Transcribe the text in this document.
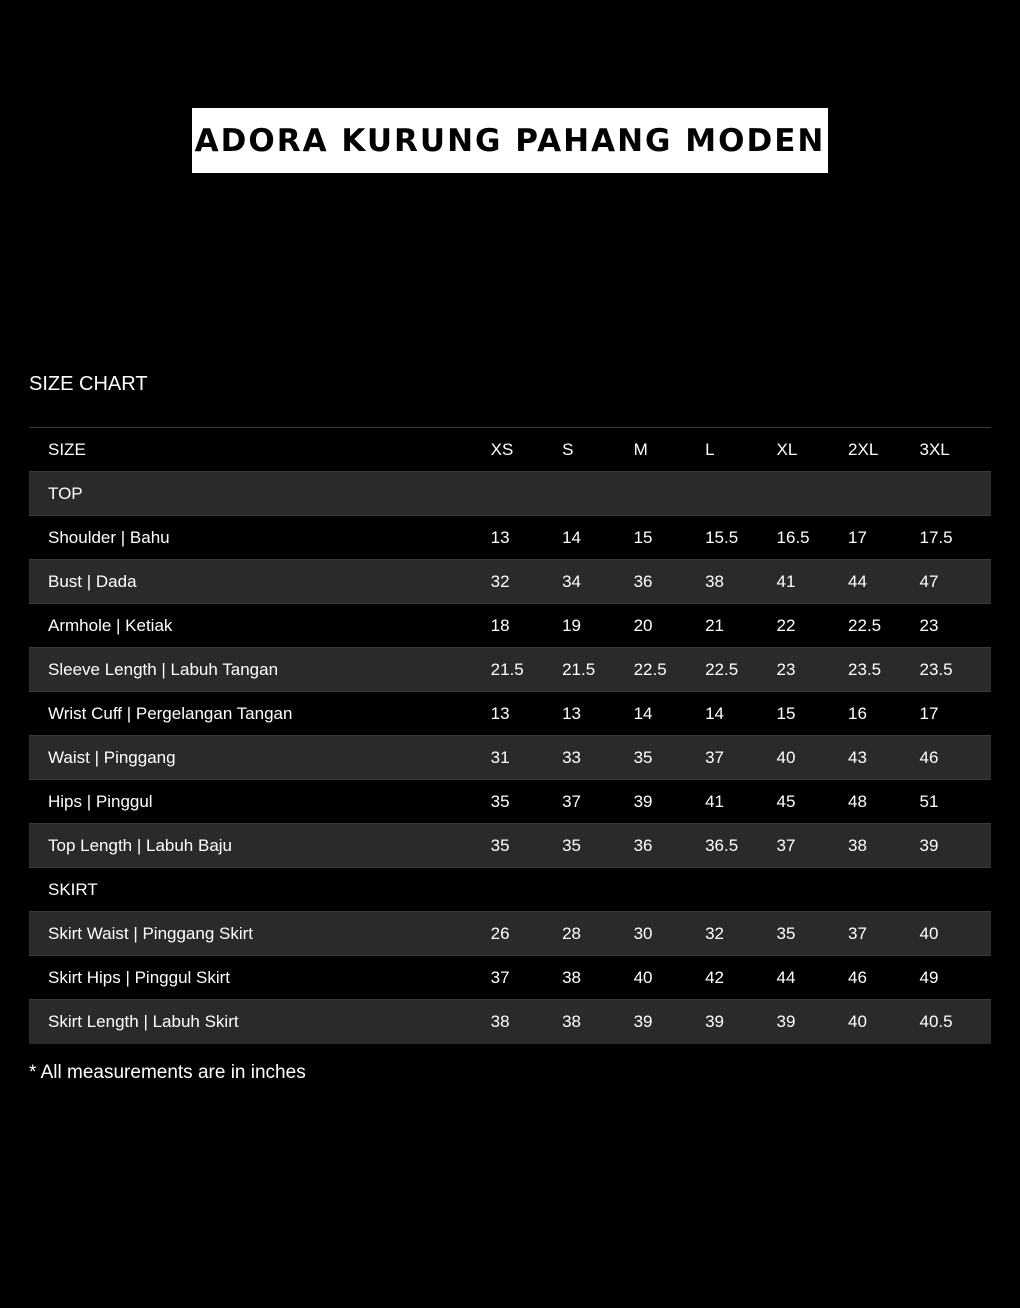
ADORA KURUNG PAHANG MODEN
SIZE CHART
SIZE	XS	S	M	L	XL	2XL	3XL
TOP
Shoulder | Bahu	13	14	15	15.5	16.5	17	17.5
Bust | Dada	32	34	36	38	41	44	47
Armhole | Ketiak	18	19	20	21	22	22.5	23
Sleeve Length | Labuh Tangan	21.5	21.5	22.5	22.5	23	23.5	23.5
Wrist Cuff | Pergelangan Tangan	13	13	14	14	15	16	17
Waist | Pinggang	31	33	35	37	40	43	46
Hips | Pinggul	35	37	39	41	45	48	51
Top Length | Labuh Baju	35	35	36	36.5	37	38	39
SKIRT
Skirt Waist | Pinggang Skirt	26	28	30	32	35	37	40
Skirt Hips | Pinggul Skirt	37	38	40	42	44	46	49
Skirt Length | Labuh Skirt	38	38	39	39	39	40	40.5
* All measurements are in inches
